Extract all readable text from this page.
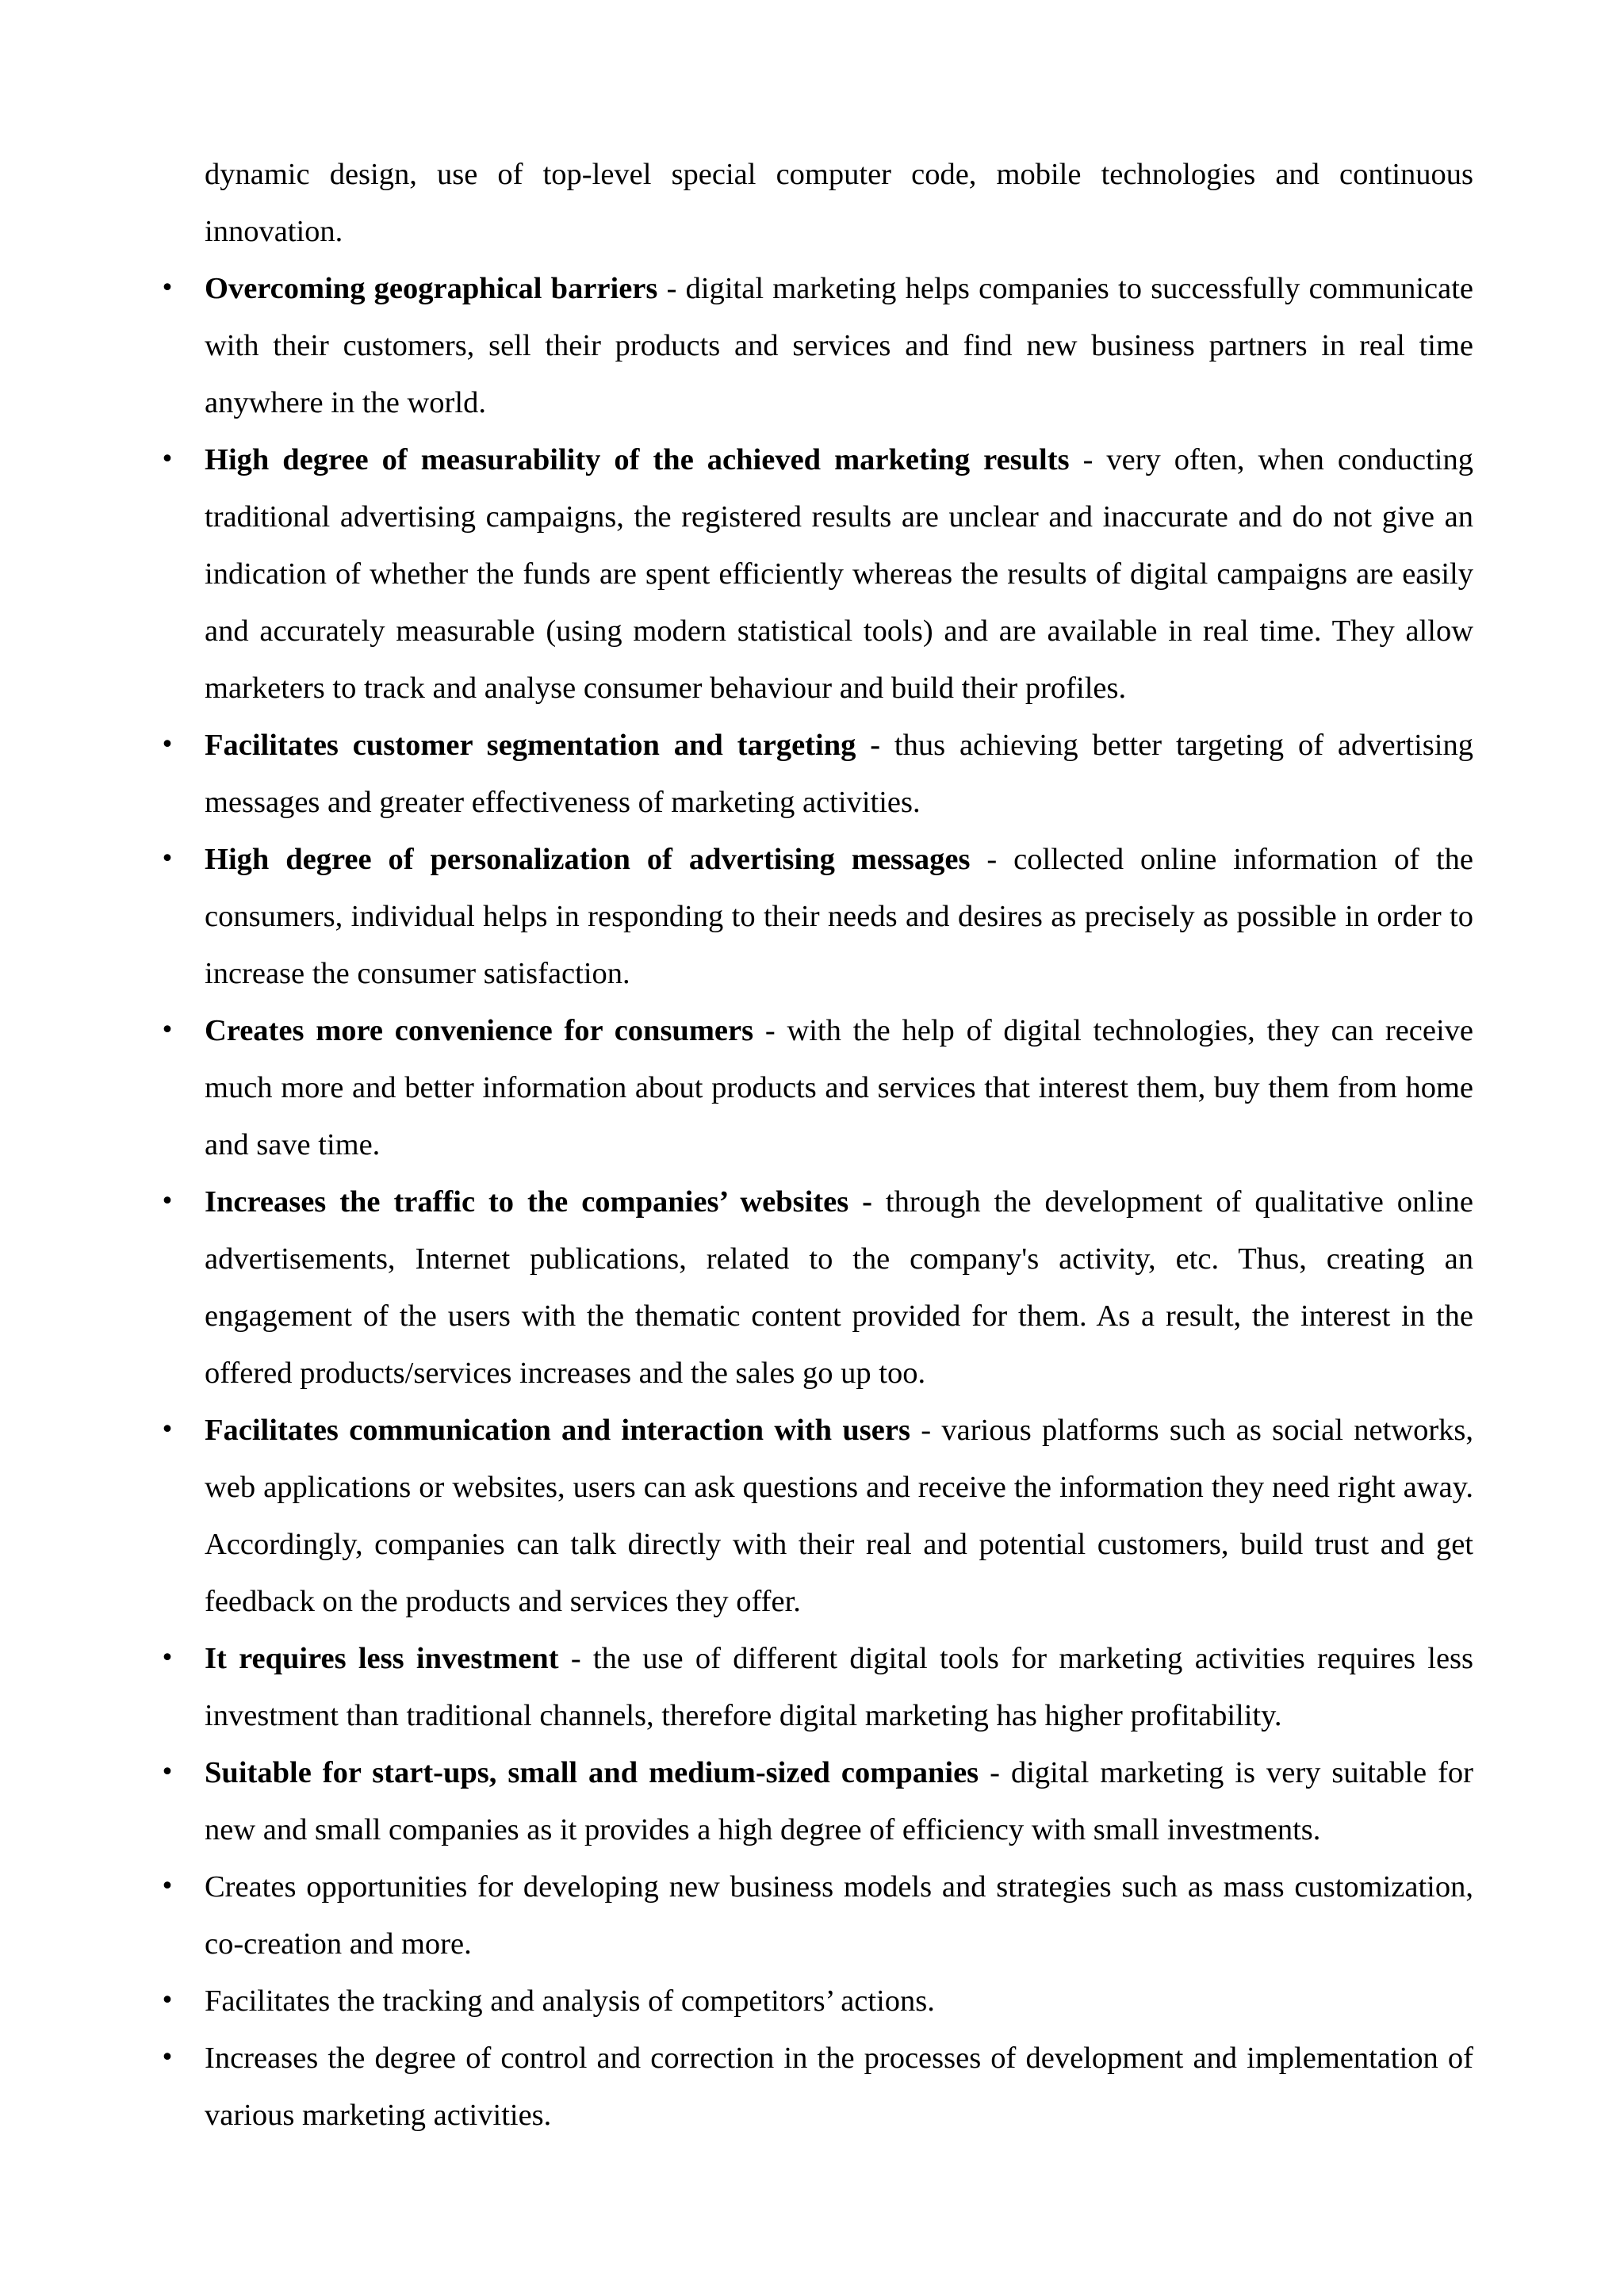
dynamic design, use of top-level special computer code, mobile technologies and continuous innovation.

• Overcoming geographical barriers - digital marketing helps companies to successfully communicate with their customers, sell their products and services and find new business partners in real time anywhere in the world.
• High degree of measurability of the achieved marketing results - very often, when conducting traditional advertising campaigns, the registered results are unclear and inaccurate and do not give an indication of whether the funds are spent efficiently whereas the results of digital campaigns are easily and accurately measurable (using modern statistical tools) and are available in real time. They allow marketers to track and analyse consumer behaviour and build their profiles.
• Facilitates customer segmentation and targeting - thus achieving better targeting of advertising messages and greater effectiveness of marketing activities.
• High degree of personalization of advertising messages - collected online information of the consumers, individual helps in responding to their needs and desires as precisely as possible in order to increase the consumer satisfaction.
• Creates more convenience for consumers - with the help of digital technologies, they can receive much more and better information about products and services that interest them, buy them from home and save time.
• Increases the traffic to the companies’ websites - through the development of qualitative online advertisements, Internet publications, related to the company's activity, etc. Thus, creating an engagement of the users with the thematic content provided for them. As a result, the interest in the offered products/services increases and the sales go up too.
• Facilitates communication and interaction with users - various platforms such as social networks, web applications or websites, users can ask questions and receive the information they need right away. Accordingly, companies can talk directly with their real and potential customers, build trust and get feedback on the products and services they offer.
• It requires less investment - the use of different digital tools for marketing activities requires less investment than traditional channels, therefore digital marketing has higher profitability.
• Suitable for start-ups, small and medium-sized companies - digital marketing is very suitable for new and small companies as it provides a high degree of efficiency with small investments.
• Creates opportunities for developing new business models and strategies such as mass customization, co-creation and more.
• Facilitates the tracking and analysis of competitors’ actions.
• Increases the degree of control and correction in the processes of development and implementation of various marketing activities.
